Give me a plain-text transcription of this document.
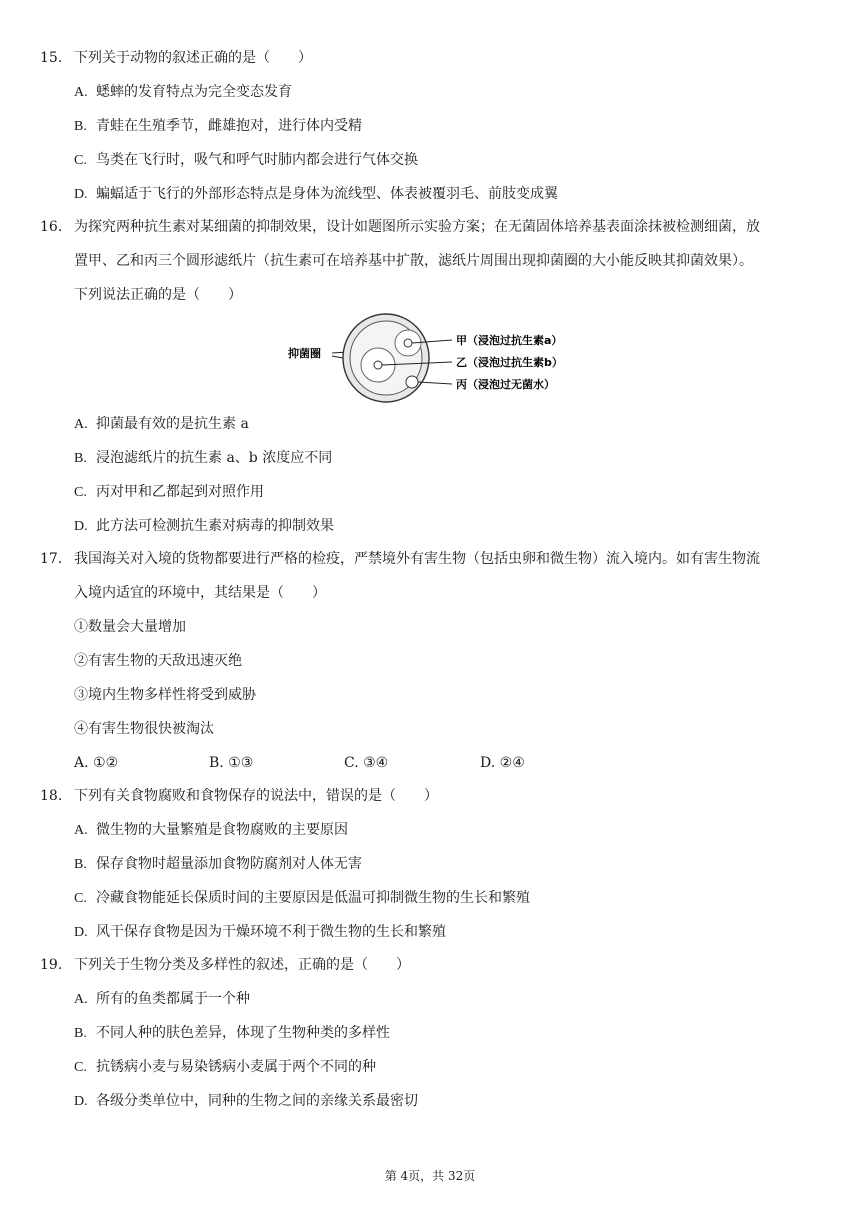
15. 下列关于动物的叙述正确的是（　　）
A. 蟋蟀的发育特点为完全变态发育
B. 青蛙在生殖季节，雌雄抱对，进行体内受精
C. 鸟类在飞行时，吸气和呼气时肺内都会进行气体交换
D. 蝙蝠适于飞行的外部形态特点是身体为流线型、体表被覆羽毛、前肢变成翼
16. 为探究两种抗生素对某细菌的抑制效果，设计如题图所示实验方案；在无菌固体培养基表面涂抹被检测细菌，放
置甲、乙和丙三个圆形滤纸片（抗生素可在培养基中扩散，滤纸片周围出现抑菌圈的大小能反映其抑菌效果）。
下列说法正确的是（　　）
抑菌圈
甲（浸泡过抗生素a）
乙（浸泡过抗生素b）
丙（浸泡过无菌水）
A. 抑菌最有效的是抗生素 a
B. 浸泡滤纸片的抗生素 a、b 浓度应不同
C. 丙对甲和乙都起到对照作用
D. 此方法可检测抗生素对病毒的抑制效果
17. 我国海关对入境的货物都要进行严格的检疫，严禁境外有害生物（包括虫卵和微生物）流入境内。如有害生物流
入境内适宜的环境中，其结果是（　　）
①数量会大量增加
②有害生物的天敌迅速灭绝
③境内生物多样性将受到威胁
④有害生物很快被淘汰
A. ①②	B. ①③	C. ③④	D. ②④
18. 下列有关食物腐败和食物保存的说法中，错误的是（　　）
A. 微生物的大量繁殖是食物腐败的主要原因
B. 保存食物时超量添加食物防腐剂对人体无害
C. 冷藏食物能延长保质时间的主要原因是低温可抑制微生物的生长和繁殖
D. 风干保存食物是因为干燥环境不利于微生物的生长和繁殖
19. 下列关于生物分类及多样性的叙述，正确的是（　　）
A. 所有的鱼类都属于一个种
B. 不同人种的肤色差异，体现了生物种类的多样性
C. 抗锈病小麦与易染锈病小麦属于两个不同的种
D. 各级分类单位中，同种的生物之间的亲缘关系最密切
第 4页，共 32页
